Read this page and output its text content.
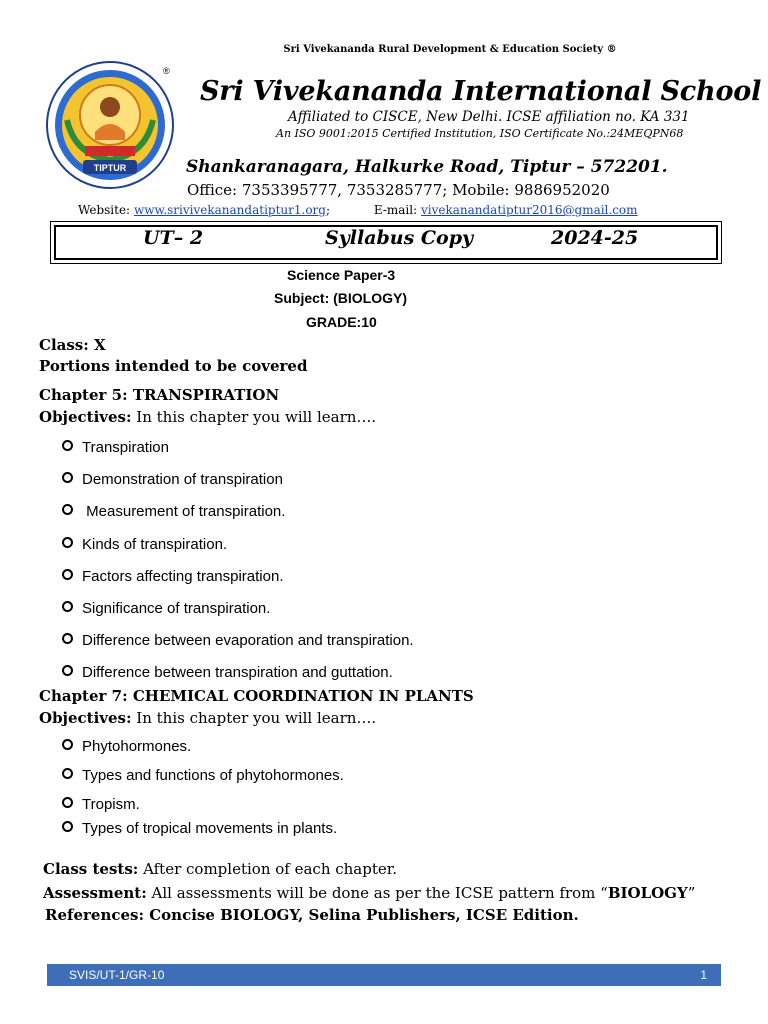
Sri Vivekananda Rural Development & Education Society ®
TIPTUR
®
Sri Vivekananda International School
Affiliated to CISCE, New Delhi. ICSE affiliation no. KA 331
An ISO 9001:2015 Certified Institution, ISO Certificate No.:24MEQPN68
Shankaranagara, Halkurke Road, Tiptur – 572201.
Office: 7353395777, 7353285777; Mobile: 9886952020
Website: www.srivivekanandatiptur1.org;	E-mail: vivekanandatiptur2016@gmail.com
UT– 2	Syllabus Copy	2024-25
Science Paper-3
Subject: (BIOLOGY)
GRADE:10
Class: X
Portions intended to be covered
Chapter 5: TRANSPIRATION
Objectives: In this chapter you will learn….
Transpiration
Demonstration of transpiration
Measurement of transpiration.
Kinds of transpiration.
Factors affecting transpiration.
Significance of transpiration.
Difference between evaporation and transpiration.
Difference between transpiration and guttation.
Chapter 7: CHEMICAL COORDINATION IN PLANTS
Objectives: In this chapter you will learn….
Phytohormones.
Types and functions of phytohormones.
Tropism.
Types of tropical movements in plants.
Class tests: After completion of each chapter.
Assessment: All assessments will be done as per the ICSE pattern from “BIOLOGY”
References: Concise BIOLOGY, Selina Publishers, ICSE Edition.
SVIS/UT-1/GR-10	1
